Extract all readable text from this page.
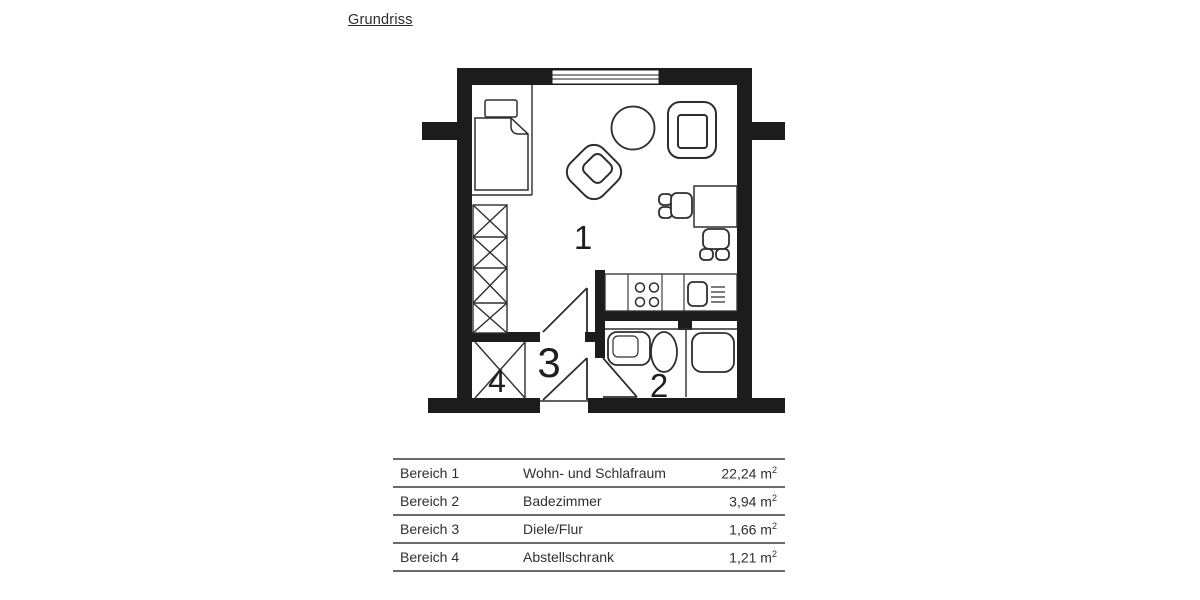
Grundriss
1
2
3
4
Bereich 1	Wohn- und Schlafraum	22,24 $m^2$
Bereich 2	Badezimmer	3,94 $m^2$
Bereich 3	Diele/Flur	1,66 $m^2$
Bereich 4	Abstellschrank	1,21 $m^2$
